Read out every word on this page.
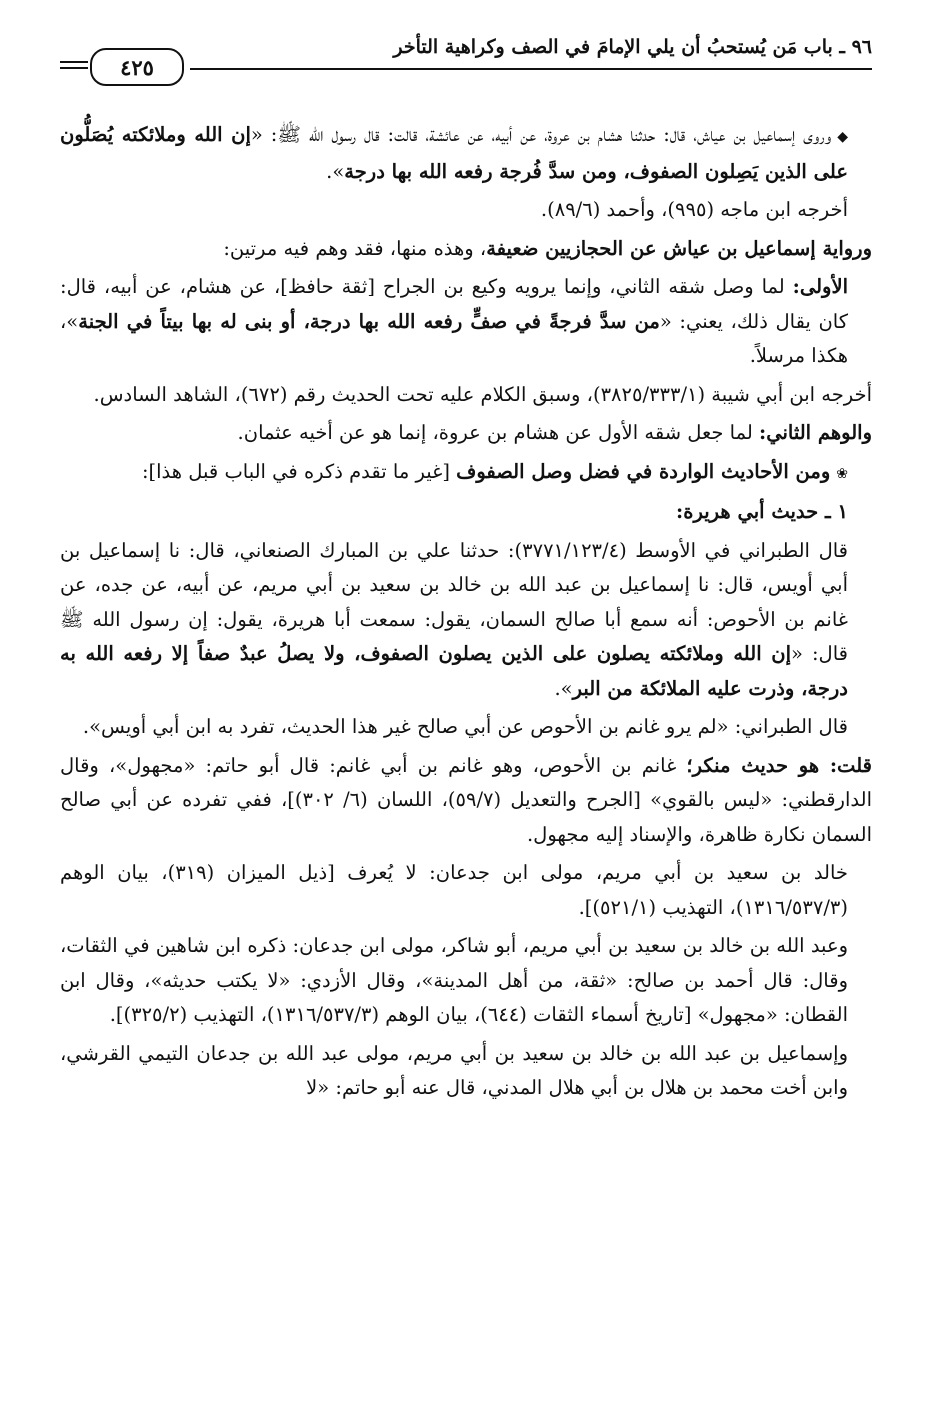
٩٦ ـ باب مَن يُستحبُ أن يلي الإمامَ في الصف وكراهية التأخر
٤٢٥

◆وروى إسماعيل بن عياش، قال: حدثنا هشام بن عروة، عن أبيه، عن عائشة، قالت: قال رسول الله ﷺ: «إن الله وملائكته يُصَلُّون على الذين يَصِلون الصفوف، ومن سدَّ فُرجة رفعه الله بها درجة».

أخرجه ابن ماجه (٩٩٥)، وأحمد (٨٩/٦).

ورواية إسماعيل بن عياش عن الحجازيين ضعيفة، وهذه منها، فقد وهم فيه مرتين:

الأولى: لما وصل شقه الثاني، وإنما يرويه وكيع بن الجراح [ثقة حافظ]، عن هشام، عن أبيه، قال: كان يقال ذلك، يعني: «من سدَّ فرجةً في صفٍّ رفعه الله بها درجة، أو بنى له بها بيتاً في الجنة»، هكذا مرسلاً.

أخرجه ابن أبي شيبة (٣٨٢٥/٣٣٣/١)، وسبق الكلام عليه تحت الحديث رقم (٦٧٢)، الشاهد السادس.

والوهم الثاني: لما جعل شقه الأول عن هشام بن عروة، إنما هو عن أخيه عثمان.

❀ومن الأحاديث الواردة في فضل وصل الصفوف [غير ما تقدم ذكره في الباب قبل هذا]:

١ ـ حديث أبي هريرة:

قال الطبراني في الأوسط (٣٧٧١/١٢٣/٤): حدثنا علي بن المبارك الصنعاني، قال: نا إسماعيل بن أبي أويس، قال: نا إسماعيل بن عبد الله بن خالد بن سعيد بن أبي مريم، عن أبيه، عن جده، عن غانم بن الأحوص: أنه سمع أبا صالح السمان، يقول: سمعت أبا هريرة، يقول: إن رسول الله ﷺ قال: «إن الله وملائكته يصلون على الذين يصلون الصفوف، ولا يصلُ عبدٌ صفاً إلا رفعه الله به درجة، وذرت عليه الملائكة من البر».

قال الطبراني: «لم يرو غانم بن الأحوص عن أبي صالح غير هذا الحديث، تفرد به ابن أبي أويس».

قلت: هو حديث منكر؛ غانم بن الأحوص، وهو غانم بن أبي غانم: قال أبو حاتم: «مجهول»، وقال الدارقطني: «ليس بالقوي» [الجرح والتعديل (٥٩/٧)، اللسان (٦/ ٣٠٢)]، ففي تفرده عن أبي صالح السمان نكارة ظاهرة، والإسناد إليه مجهول.

خالد بن سعيد بن أبي مريم، مولى ابن جدعان: لا يُعرف [ذيل الميزان (٣١٩)، بيان الوهم (١٣١٦/٥٣٧/٣)، التهذيب (٥٢١/١)].

وعبد الله بن خالد بن سعيد بن أبي مريم، أبو شاكر، مولى ابن جدعان: ذكره ابن شاهين في الثقات، وقال: قال أحمد بن صالح: «ثقة، من أهل المدينة»، وقال الأزدي: «لا يكتب حديثه»، وقال ابن القطان: «مجهول» [تاريخ أسماء الثقات (٦٤٤)، بيان الوهم (١٣١٦/٥٣٧/٣)، التهذيب (٣٢٥/٢)].

وإسماعيل بن عبد الله بن خالد بن سعيد بن أبي مريم، مولى عبد الله بن جدعان التيمي القرشي، وابن أخت محمد بن هلال بن أبي هلال المدني، قال عنه أبو حاتم: «لا
